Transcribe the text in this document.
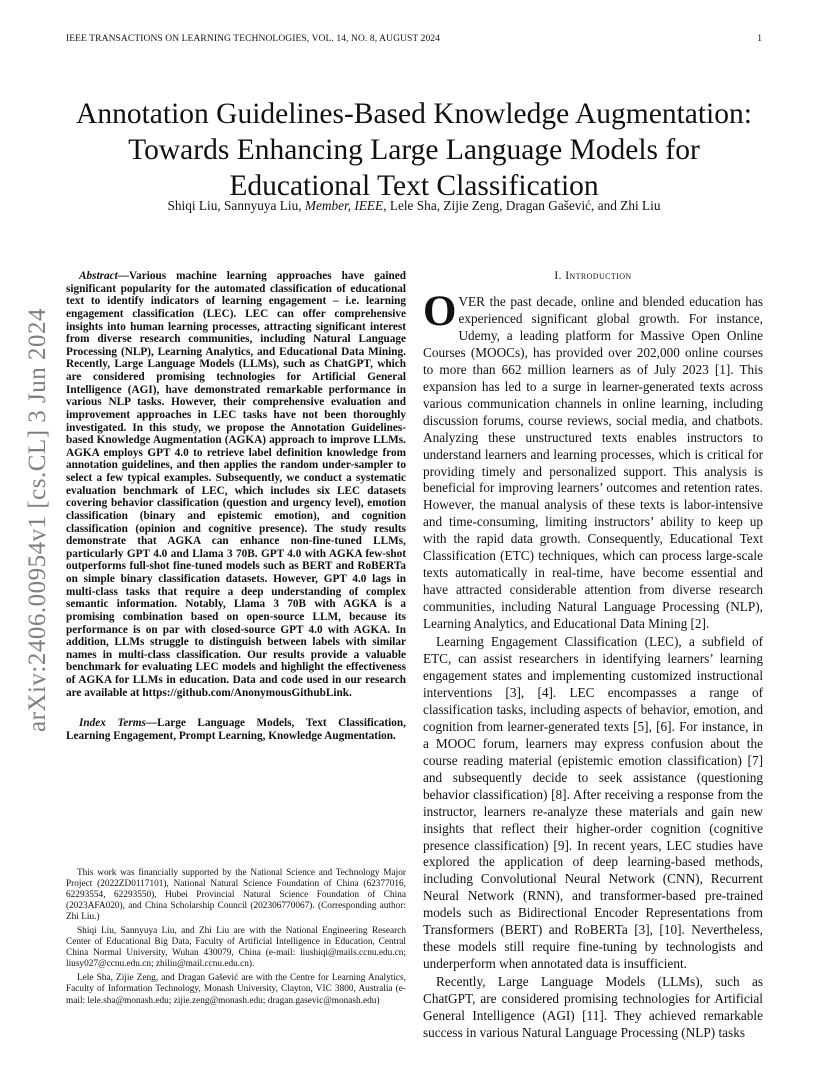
IEEE TRANSACTIONS ON LEARNING TECHNOLOGIES, VOL. 14, NO. 8, AUGUST 2024	1
arXiv:2406.00954v1 [cs.CL] 3 Jun 2024
Annotation Guidelines-Based Knowledge Augmentation: Towards Enhancing Large Language Models for Educational Text Classification
Shiqi Liu, Sannyuya Liu, Member, IEEE, Lele Sha, Zijie Zeng, Dragan Gašević, and Zhi Liu

Abstract—Various machine learning approaches have gained significant popularity for the automated classification of educational text to identify indicators of learning engagement – i.e. learning engagement classification (LEC). LEC can offer comprehensive insights into human learning processes, attracting significant interest from diverse research communities, including Natural Language Processing (NLP), Learning Analytics, and Educational Data Mining. Recently, Large Language Models (LLMs), such as ChatGPT, which are considered promising technologies for Artificial General Intelligence (AGI), have demonstrated remarkable performance in various NLP tasks. However, their comprehensive evaluation and improvement approaches in LEC tasks have not been thoroughly investigated. In this study, we propose the Annotation Guidelines-based Knowledge Augmentation (AGKA) approach to improve LLMs. AGKA employs GPT 4.0 to retrieve label definition knowledge from annotation guidelines, and then applies the random under-sampler to select a few typical examples. Subsequently, we conduct a systematic evaluation benchmark of LEC, which includes six LEC datasets covering behavior classification (question and urgency level), emotion classification (binary and epistemic emotion), and cognition classification (opinion and cognitive presence). The study results demonstrate that AGKA can enhance non-fine-tuned LLMs, particularly GPT 4.0 and Llama 3 70B. GPT 4.0 with AGKA few-shot outperforms full-shot fine-tuned models such as BERT and RoBERTa on simple binary classification datasets. However, GPT 4.0 lags in multi-class tasks that require a deep understanding of complex semantic information. Notably, Llama 3 70B with AGKA is a promising combination based on open-source LLM, because its performance is on par with closed-source GPT 4.0 with AGKA. In addition, LLMs struggle to distinguish between labels with similar names in multi-class classification. Our results provide a valuable benchmark for evaluating LEC models and highlight the effectiveness of AGKA for LLMs in education. Data and code used in our research are available at https://github.com/AnonymousGithubLink.

Index Terms—Large Language Models, Text Classification, Learning Engagement, Prompt Learning, Knowledge Augmentation.

This work was financially supported by the National Science and Technology Major Project (2022ZD0117101), National Natural Science Foundation of China (62377016, 62293554, 62293550), Hubei Provincial Natural Science Foundation of China (2023AFA020), and China Scholarship Council (202306770067). (Corresponding author: Zhi Liu.)

Shiqi Liu, Sannyuya Liu, and Zhi Liu are with the National Engineering Research Center of Educational Big Data, Faculty of Artificial Intelligence in Education, Central China Normal University, Wuhan 430079, China (e-mail: liushiqi@mails.ccnu.edu.cn; liusy027@ccnu.edu.cn; zhiliu@mail.ccnu.edu.cn).

Lele Sha, Zijie Zeng, and Dragan Gašević are with the Centre for Learning Analytics, Faculty of Information Technology, Monash University, Clayton, VIC 3800, Australia (e-mail: lele.sha@monash.edu; zijie.zeng@monash.edu; dragan.gasevic@monash.edu)

I. Introduction

OVER the past decade, online and blended education has experienced significant global growth. For instance, Udemy, a leading platform for Massive Open Online Courses (MOOCs), has provided over 202,000 online courses to more than 662 million learners as of July 2023 [1]. This expansion has led to a surge in learner-generated texts across various communication channels in online learning, including discussion forums, course reviews, social media, and chatbots. Analyzing these unstructured texts enables instructors to understand learners and learning processes, which is critical for providing timely and personalized support. This analysis is beneficial for improving learners’ outcomes and retention rates. However, the manual analysis of these texts is labor-intensive and time-consuming, limiting instructors’ ability to keep up with the rapid data growth. Consequently, Educational Text Classification (ETC) techniques, which can process large-scale texts automatically in real-time, have become essential and have attracted considerable attention from diverse research communities, including Natural Language Processing (NLP), Learning Analytics, and Educational Data Mining [2].

Learning Engagement Classification (LEC), a subfield of ETC, can assist researchers in identifying learners’ learning engagement states and implementing customized instructional interventions [3], [4]. LEC encompasses a range of classification tasks, including aspects of behavior, emotion, and cognition from learner-generated texts [5], [6]. For instance, in a MOOC forum, learners may express confusion about the course reading material (epistemic emotion classification) [7] and subsequently decide to seek assistance (questioning behavior classification) [8]. After receiving a response from the instructor, learners re-analyze these materials and gain new insights that reflect their higher-order cognition (cognitive presence classification) [9]. In recent years, LEC studies have explored the application of deep learning-based methods, including Convolutional Neural Network (CNN), Recurrent Neural Network (RNN), and transformer-based pre-trained models such as Bidirectional Encoder Representations from Transformers (BERT) and RoBERTa [3], [10]. Nevertheless, these models still require fine-tuning by technologists and underperform when annotated data is insufficient.

Recently, Large Language Models (LLMs), such as ChatGPT, are considered promising technologies for Artificial General Intelligence (AGI) [11]. They achieved remarkable success in various Natural Language Processing (NLP) tasks
